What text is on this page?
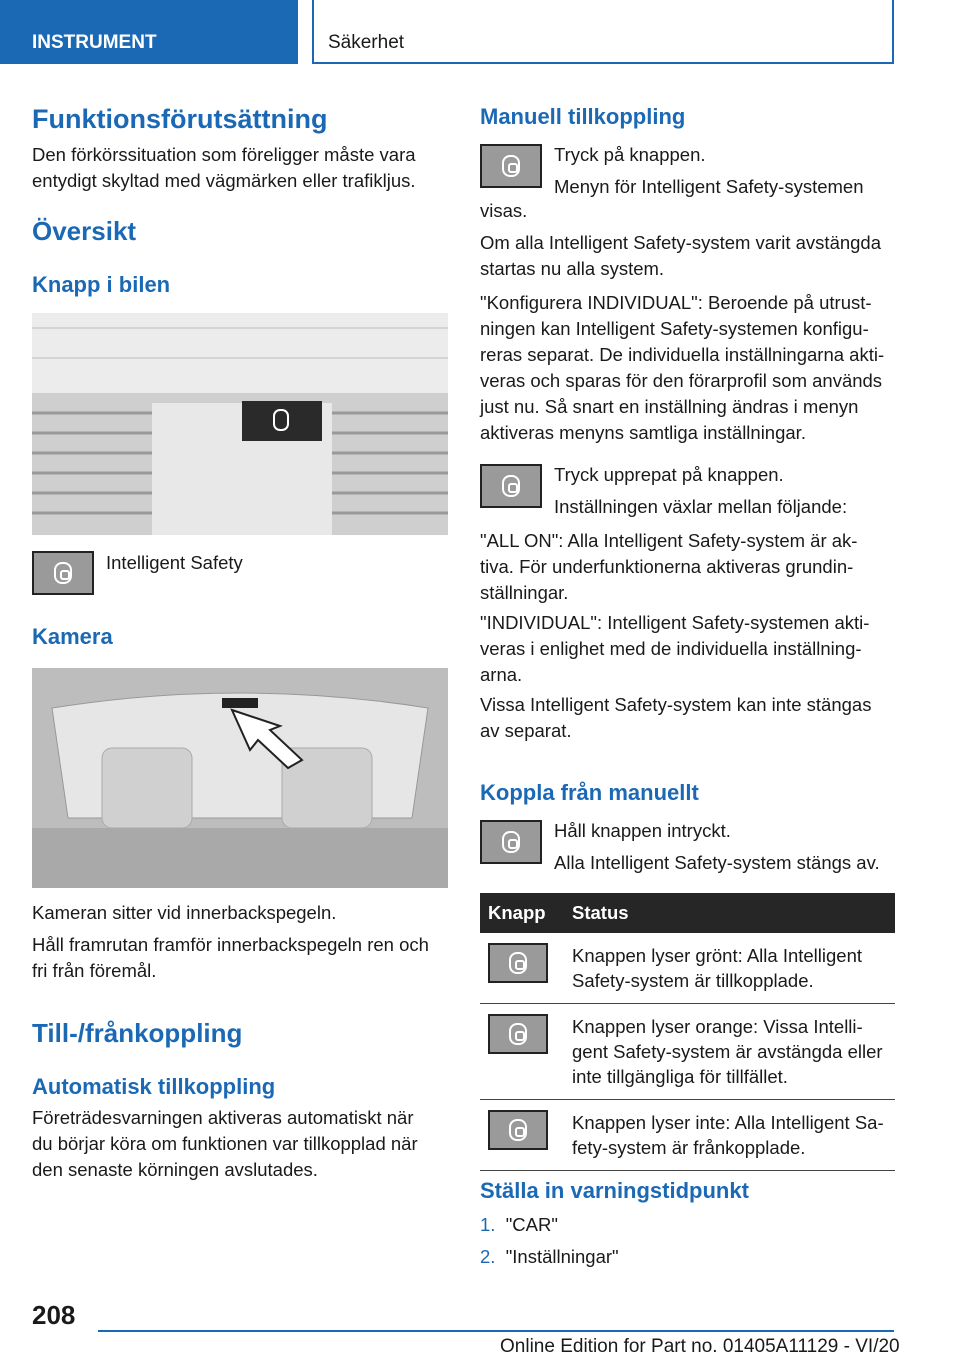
INSTRUMENT	Säkerhet
Funktionsförutsättning
Den förkörssituation som föreligger måste vara
entydigt skyltad med vägmärken eller trafikljus.
Översikt
Knapp i bilen
Intelligent Safety
Kamera
Kameran sitter vid innerbackspegeln.
Håll framrutan framför innerbackspegeln ren och
fri från föremål.
Till-/frånkoppling
Automatisk tillkoppling
Företrädesvarningen aktiveras automatiskt när
du börjar köra om funktionen var tillkopplad när
den senaste körningen avslutades.
Manuell tillkoppling
Tryck på knappen.
Menyn för Intelligent Safety-systemen
visas.
Om alla Intelligent Safety-system varit avstängda
startas nu alla system.
"Konfigurera INDIVIDUAL": Beroende på utrust-
ningen kan Intelligent Safety-systemen konfigu-
reras separat. De individuella inställningarna akti-
veras och sparas för den förarprofil som används
just nu. Så snart en inställning ändras i menyn
aktiveras menyns samtliga inställningar.
Tryck upprepat på knappen.
Inställningen växlar mellan följande:
"ALL ON": Alla Intelligent Safety-system är ak-
tiva. För underfunktionerna aktiveras grundin-
ställningar.
"INDIVIDUAL": Intelligent Safety-systemen akti-
veras i enlighet med de individuella inställning-
arna.
Vissa Intelligent Safety-system kan inte stängas
av separat.
Koppla från manuellt
Håll knappen intryckt.
Alla Intelligent Safety-system stängs av.
Knapp	Status

	Knappen lyser grönt: Alla Intelligent
Safety-system är tillkopplade.

	Knappen lyser orange: Vissa Intelli-
gent Safety-system är avstängda eller
inte tillgängliga för tillfället.

	Knappen lyser inte: Alla Intelligent Sa-
fety-system är frånkopplade.
Ställa in varningstidpunkt
1. "CAR"
2. "Inställningar"
208
Online Edition for Part no. 01405A11129 - VI/20
